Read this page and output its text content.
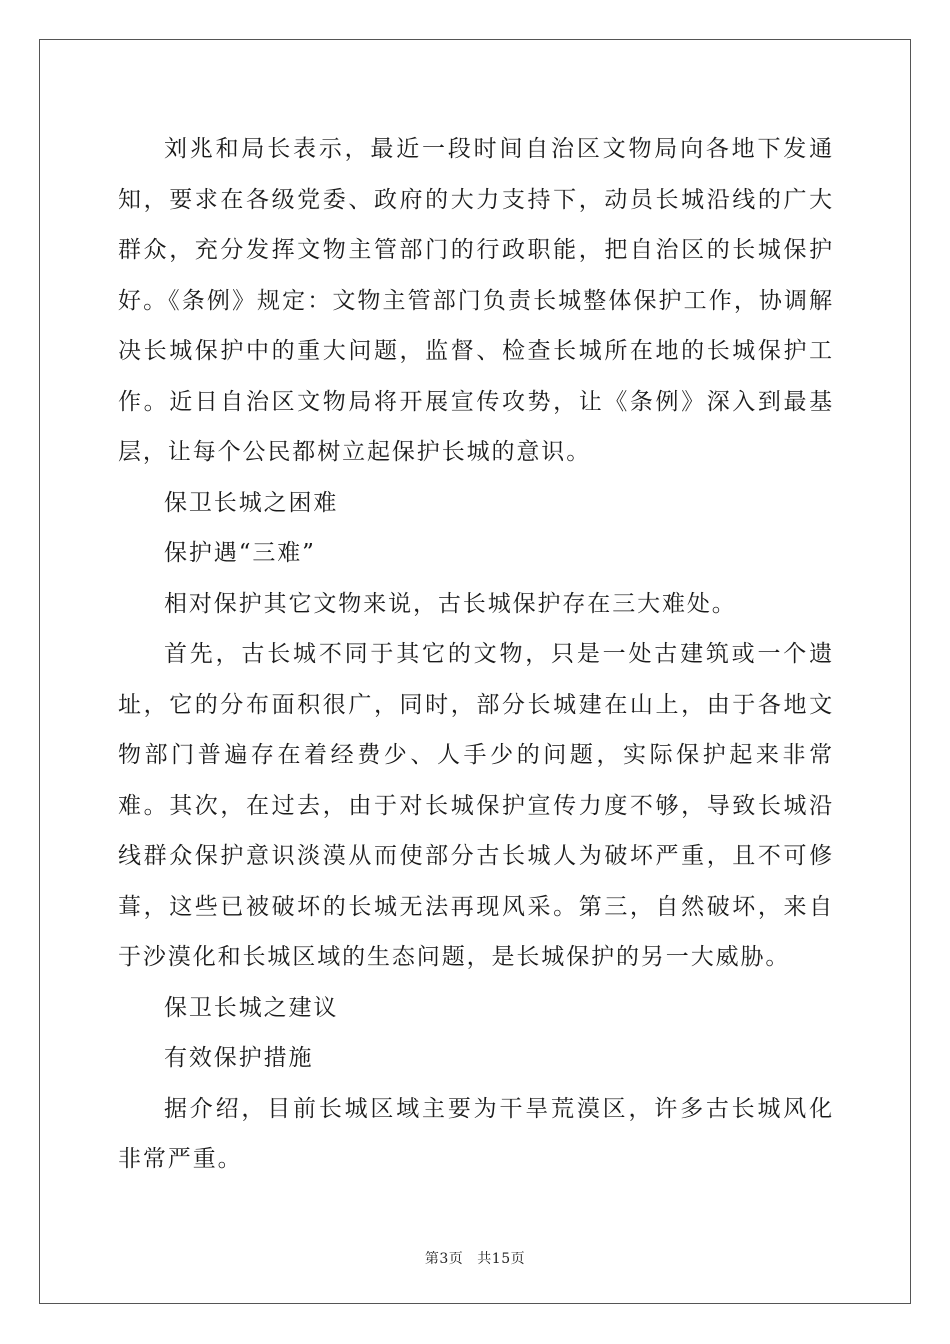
刘兆和局长表示，最近一段时间自治区文物局向各地下发通知，要求在各级党委、政府的大力支持下，动员长城沿线的广大群众，充分发挥文物主管部门的行政职能，把自治区的长城保护好。《条例》规定：文物主管部门负责长城整体保护工作，协调解决长城保护中的重大问题，监督、检查长城所在地的长城保护工作。近日自治区文物局将开展宣传攻势，让《条例》深入到最基层，让每个公民都树立起保护长城的意识。

保卫长城之困难

保护遇“三难”

相对保护其它文物来说，古长城保护存在三大难处。

首先，古长城不同于其它的文物，只是一处古建筑或一个遗址，它的分布面积很广，同时，部分长城建在山上，由于各地文物部门普遍存在着经费少、人手少的问题，实际保护起来非常难。其次，在过去，由于对长城保护宣传力度不够，导致长城沿线群众保护意识淡漠从而使部分古长城人为破坏严重，且不可修葺，这些已被破坏的长城无法再现风采。第三，自然破坏，来自于沙漠化和长城区域的生态问题，是长城保护的另一大威胁。

保卫长城之建议

有效保护措施

据介绍，目前长城区域主要为干旱荒漠区，许多古长城风化非常严重。

第3页 共15页
